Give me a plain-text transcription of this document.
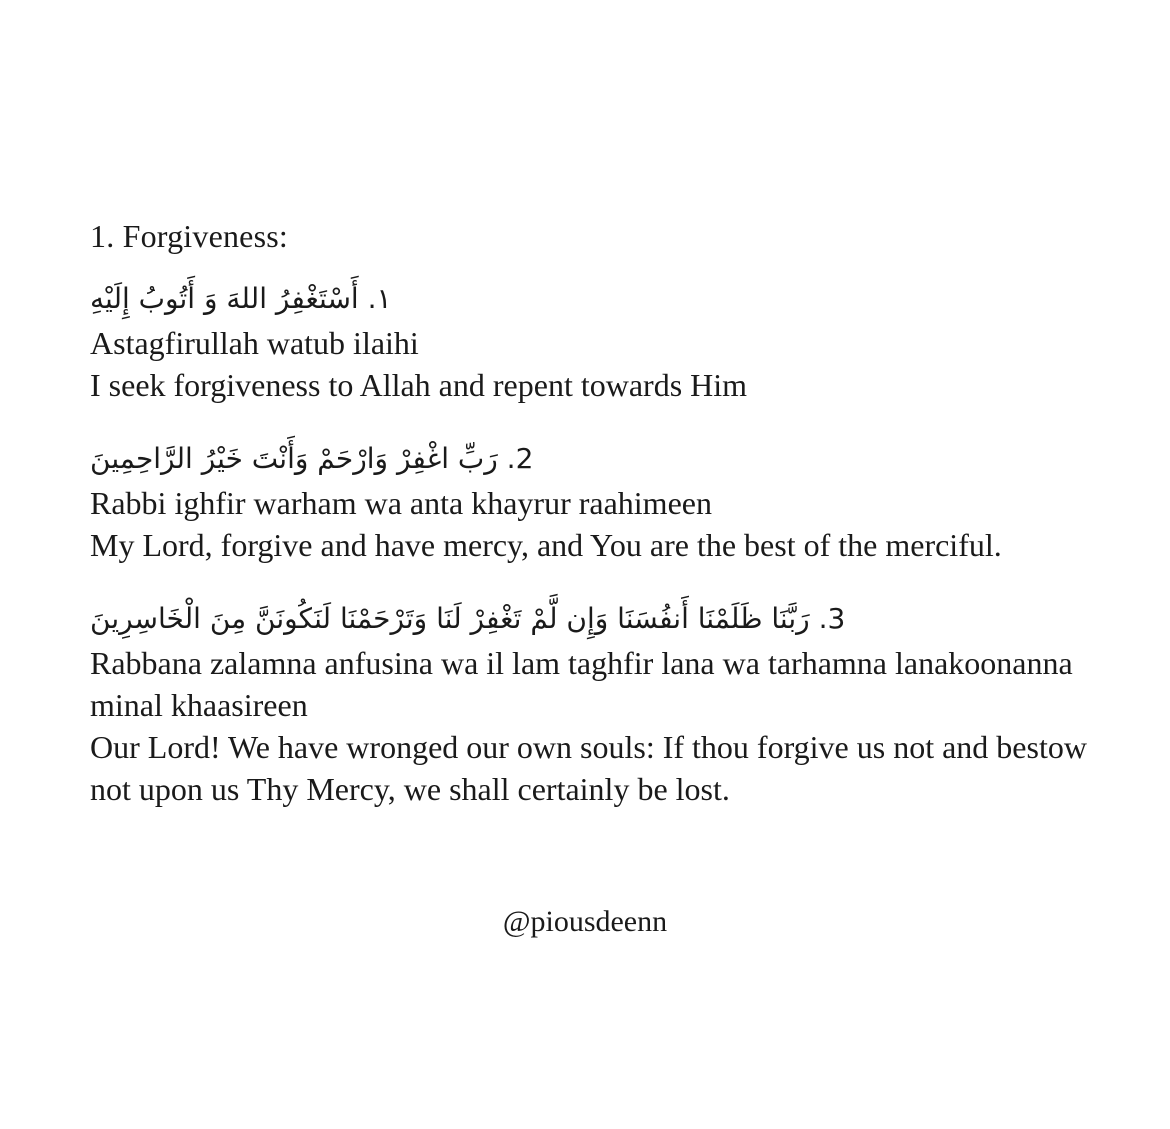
1. Forgiveness:
١. أَسْتَغْفِرُ اللهَ وَ أَتُوبُ إِلَيْهِ

Astagfirullah watub ilaihi

I seek forgiveness to Allah and repent towards Him

2. رَبِّ اغْفِرْ وَارْحَمْ وَأَنْتَ خَيْرُ الرَّاحِمِينَ

Rabbi ighfir warham wa anta khayrur raahimeen

My Lord, forgive and have mercy, and You are the best of the merciful.

3. رَبَّنَا ظَلَمْنَا أَنفُسَنَا وَإِن لَّمْ تَغْفِرْ لَنَا وَتَرْحَمْنَا لَنَكُونَنَّ مِنَ الْخَاسِرِينَ

Rabbana zalamna anfusina wa il lam taghfir lana wa tarhamna lanakoonanna minal khaasireen

Our Lord! We have wronged our own souls: If thou forgive us not and bestow not upon us Thy Mercy, we shall certainly be lost.

@piousdeenn
